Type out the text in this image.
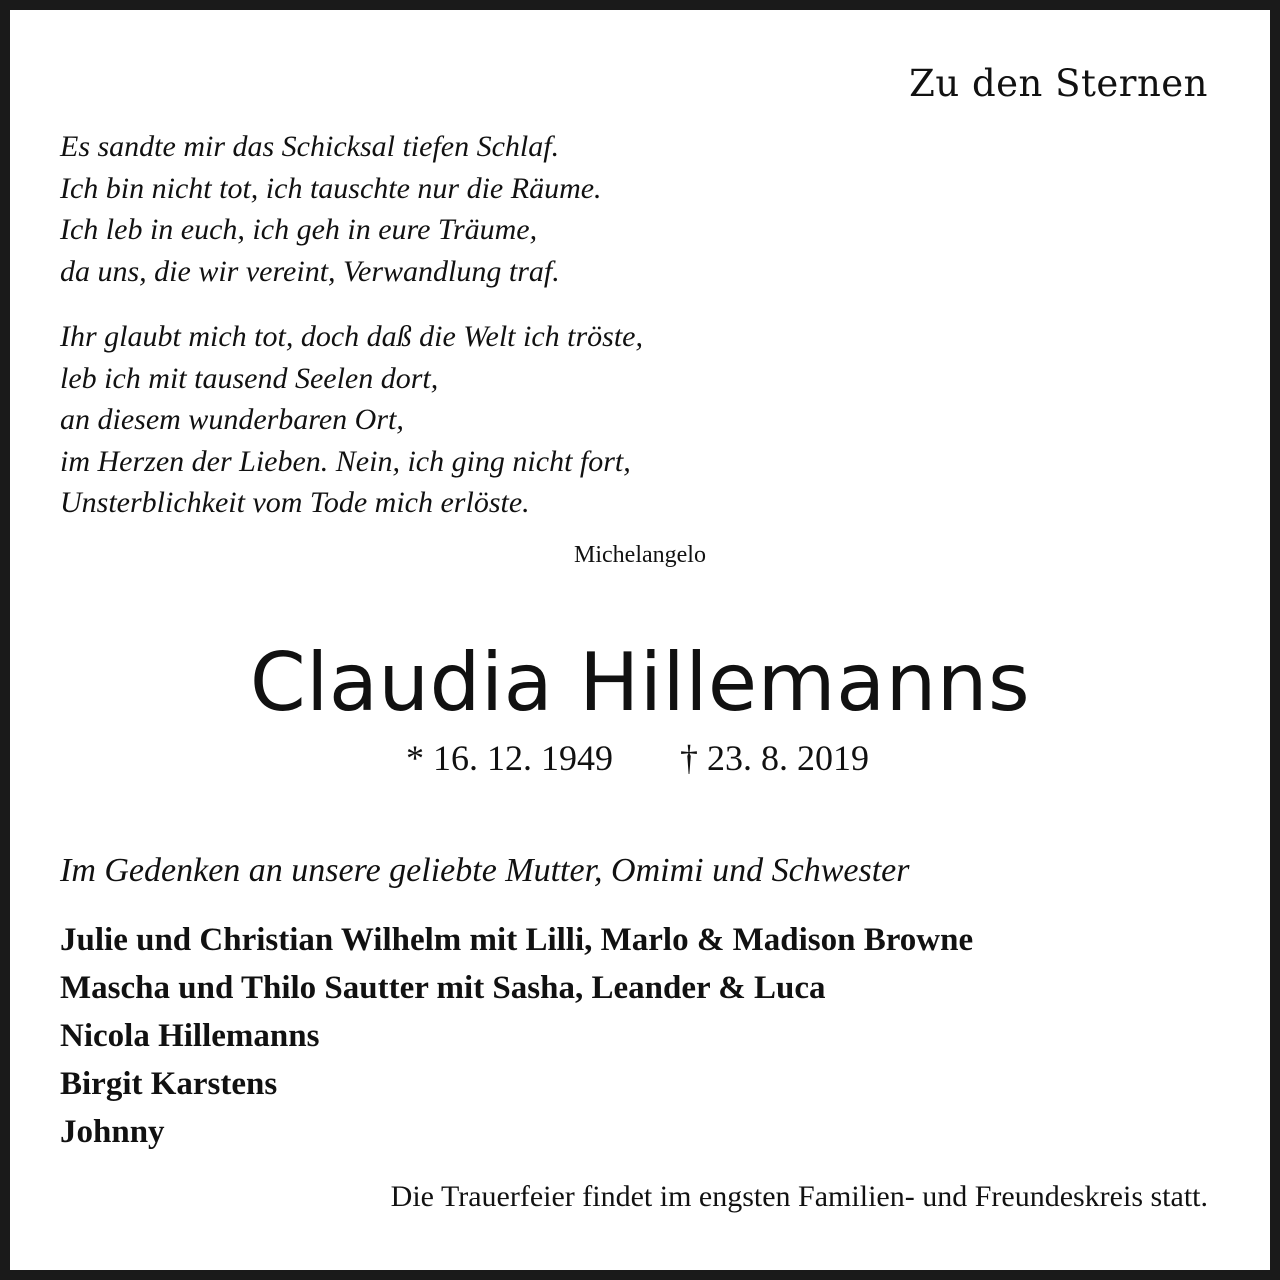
Zu den Sternen
Es sandte mir das Schicksal tiefen Schlaf.
Ich bin nicht tot, ich tauschte nur die Räume.
Ich leb in euch, ich geh in eure Träume,
da uns, die wir vereint, Verwandlung traf.
Ihr glaubt mich tot, doch daß die Welt ich tröste,
leb ich mit tausend Seelen dort,
an diesem wunderbaren Ort,
im Herzen der Lieben. Nein, ich ging nicht fort,
Unsterblichkeit vom Tode mich erlöste.
Michelangelo
Claudia Hillemanns
* 16. 12. 1949 † 23. 8. 2019
Im Gedenken an unsere geliebte Mutter, Omimi und Schwester
Julie und Christian Wilhelm mit Lilli, Marlo & Madison Browne
Mascha und Thilo Sautter mit Sasha, Leander & Luca
Nicola Hillemanns
Birgit Karstens
Johnny
Die Trauerfeier findet im engsten Familien- und Freundeskreis statt.
